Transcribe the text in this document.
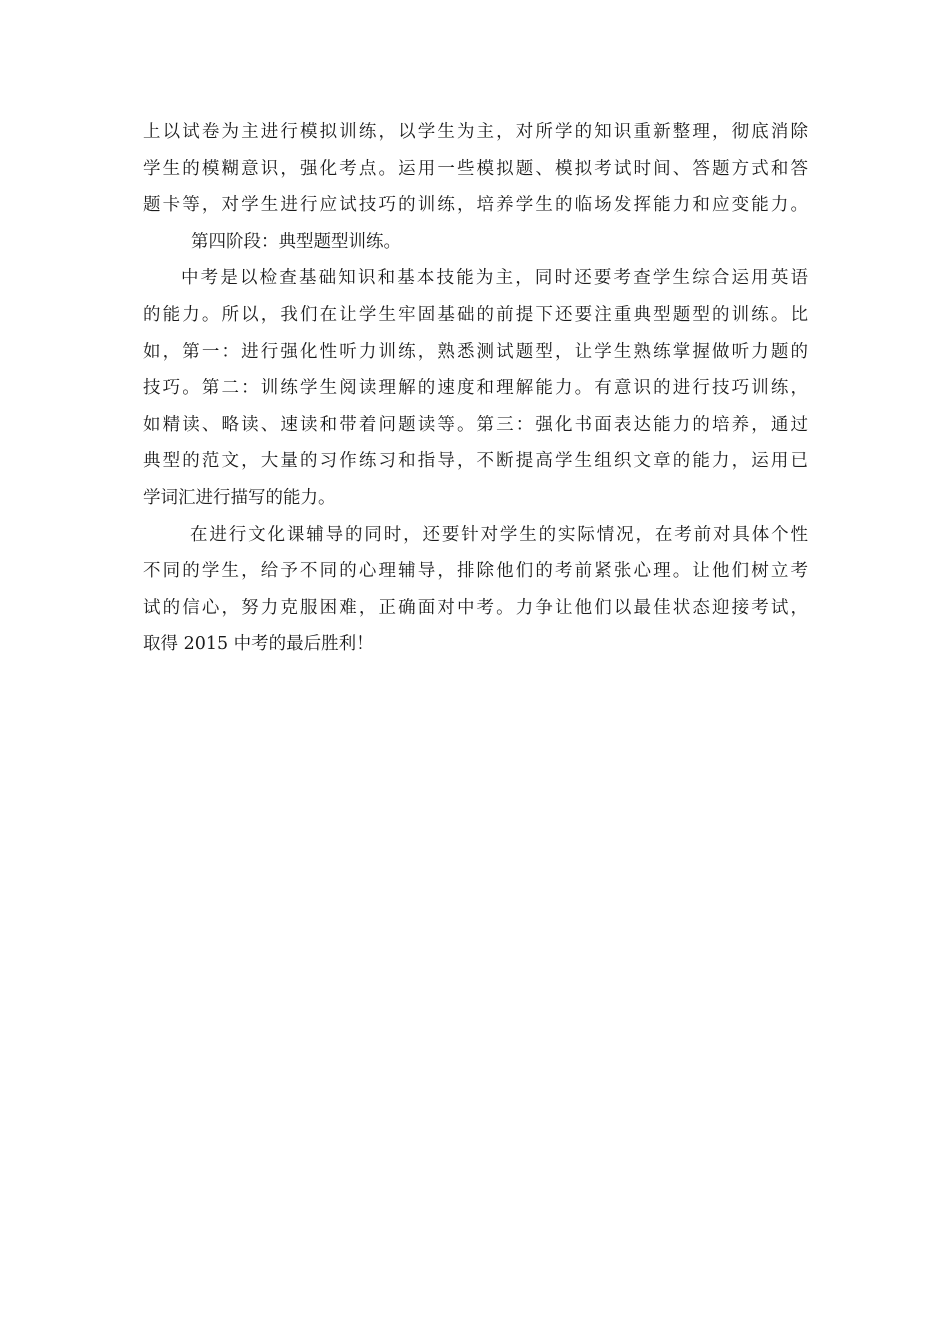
上以试卷为主进行模拟训练，以学生为主，对所学的知识重新整理，彻底消除
学生的模糊意识，强化考点。运用一些模拟题、模拟考试时间、答题方式和答
题卡等，对学生进行应试技巧的训练，培养学生的临场发挥能力和应变能力。
第四阶段：典型题型训练。
中考是以检查基础知识和基本技能为主，同时还要考查学生综合运用英语
的能力。所以，我们在让学生牢固基础的前提下还要注重典型题型的训练。比
如，第一：进行强化性听力训练，熟悉测试题型，让学生熟练掌握做听力题的
技巧。第二：训练学生阅读理解的速度和理解能力。有意识的进行技巧训练，
如精读、略读、速读和带着问题读等。第三：强化书面表达能力的培养，通过
典型的范文，大量的习作练习和指导，不断提高学生组织文章的能力，运用已
学词汇进行描写的能力。
在进行文化课辅导的同时，还要针对学生的实际情况，在考前对具体个性
不同的学生，给予不同的心理辅导，排除他们的考前紧张心理。让他们树立考
试的信心，努力克服困难，正确面对中考。力争让他们以最佳状态迎接考试，
取得 2015 中考的最后胜利！
